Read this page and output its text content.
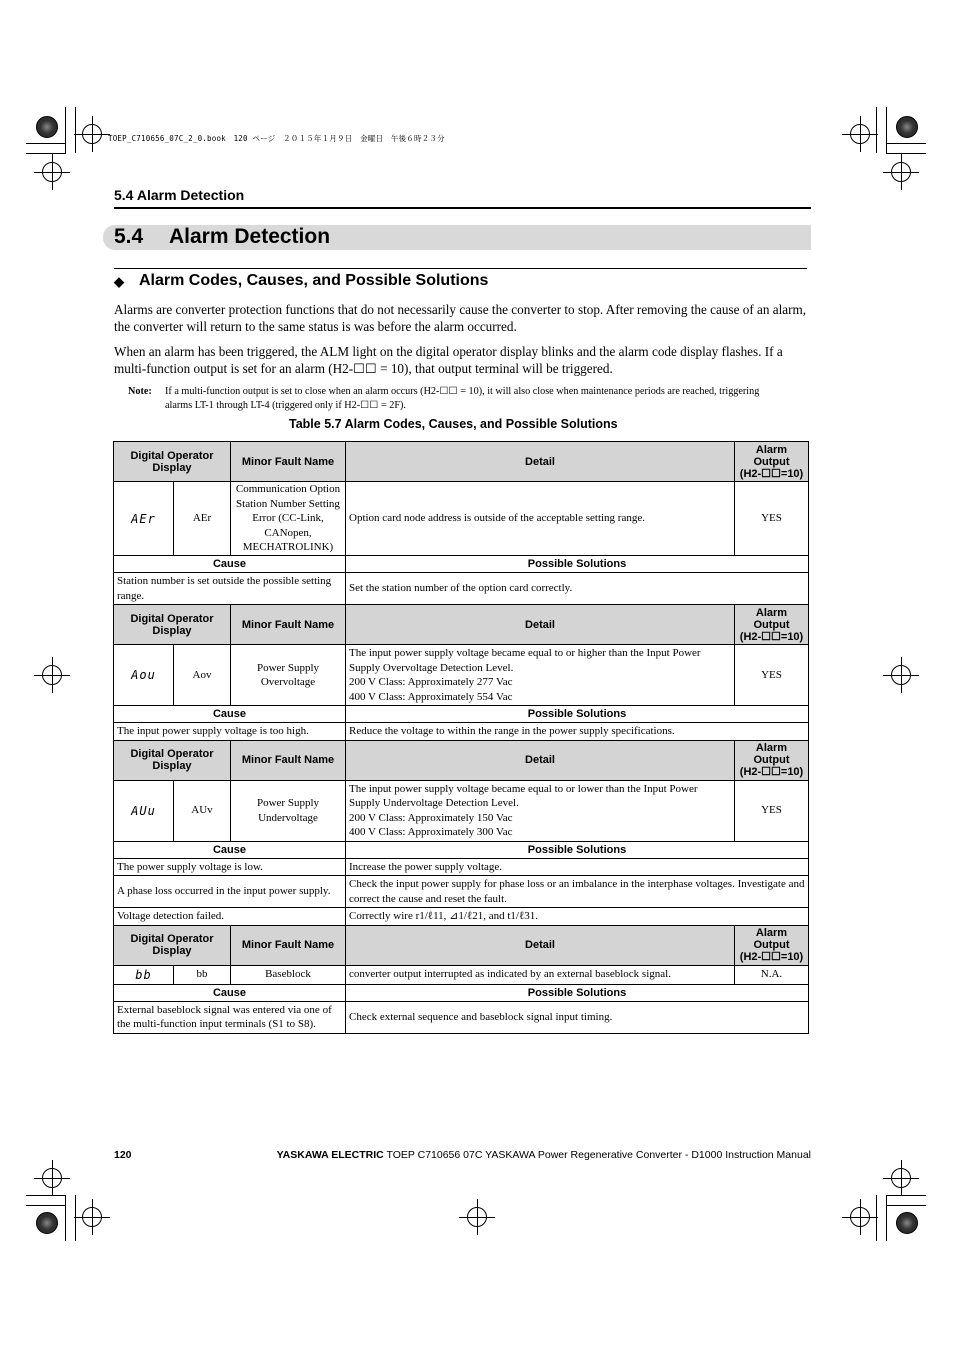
TOEP_C710656_07C_2_0.book　120 ページ　２０１５年１月９日　金曜日　午後６時２３分
5.4 Alarm Detection
5.4 Alarm Detection
◆ Alarm Codes, Causes, and Possible Solutions
Alarms are converter protection functions that do not necessarily cause the converter to stop. After removing the cause of an alarm, the converter will return to the same status is was before the alarm occurred.
When an alarm has been triggered, the ALM light on the digital operator display blinks and the alarm code display flashes. If a multi-function output is set for an alarm (H2-☐☐ = 10), that output terminal will be triggered.
Note: If a multi-function output is set to close when an alarm occurs (H2-☐☐ = 10), it will also close when maintenance periods are reached, triggering alarms LT-1 through LT-4 (triggered only if H2-☐☐ = 2F).
Table 5.7 Alarm Codes, Causes, and Possible Solutions
Digital Operator Display		Minor Fault Name	Detail	Alarm
Output
(H2-☐☐=10)

AEr	AEr	Communication Option Station Number Setting Error (CC-Link, CANopen, MECHATROLINK)	Option card node address is outside of the acceptable setting range.	YES
Cause			Possible Solutions	
Station number is set outside the possible setting range.			Set the station number of the option card correctly.	
Digital Operator Display		Minor Fault Name	Detail	Alarm
Output
(H2-☐☐=10)

Aou	Aov	Power Supply Overvoltage	The input power supply voltage became equal to or higher than the Input Power Supply Overvoltage Detection Level.
200 V Class: Approximately 277 Vac
400 V Class: Approximately 554 Vac	YES
Cause			Possible Solutions	
The input power supply voltage is too high.			Reduce the voltage to within the range in the power supply specifications.	
Digital Operator Display		Minor Fault Name	Detail	Alarm
Output
(H2-☐☐=10)

AUu	AUv	Power Supply Undervoltage	The input power supply voltage became equal to or lower than the Input Power Supply Undervoltage Detection Level.
200 V Class: Approximately 150 Vac
400 V Class: Approximately 300 Vac	YES
Cause			Possible Solutions	
The power supply voltage is low.			Increase the power supply voltage.	
A phase loss occurred in the input power supply.			Check the input power supply for phase loss or an imbalance in the interphase voltages. Investigate and correct the cause and reset the fault.	
Voltage detection failed.			Correctly wire r1/ℓ11, ⊿1/ℓ21, and t1/ℓ31.	
Digital Operator Display		Minor Fault Name	Detail	Alarm
Output
(H2-☐☐=10)

bb	bb	Baseblock	converter output interrupted as indicated by an external baseblock signal.	N.A.
Cause			Possible Solutions	
External baseblock signal was entered via one of the multi-function input terminals (S1 to S8).			Check external sequence and baseblock signal input timing.	
120	YASKAWA ELECTRIC TOEP C710656 07C YASKAWA Power Regenerative Converter - D1000 Instruction Manual
